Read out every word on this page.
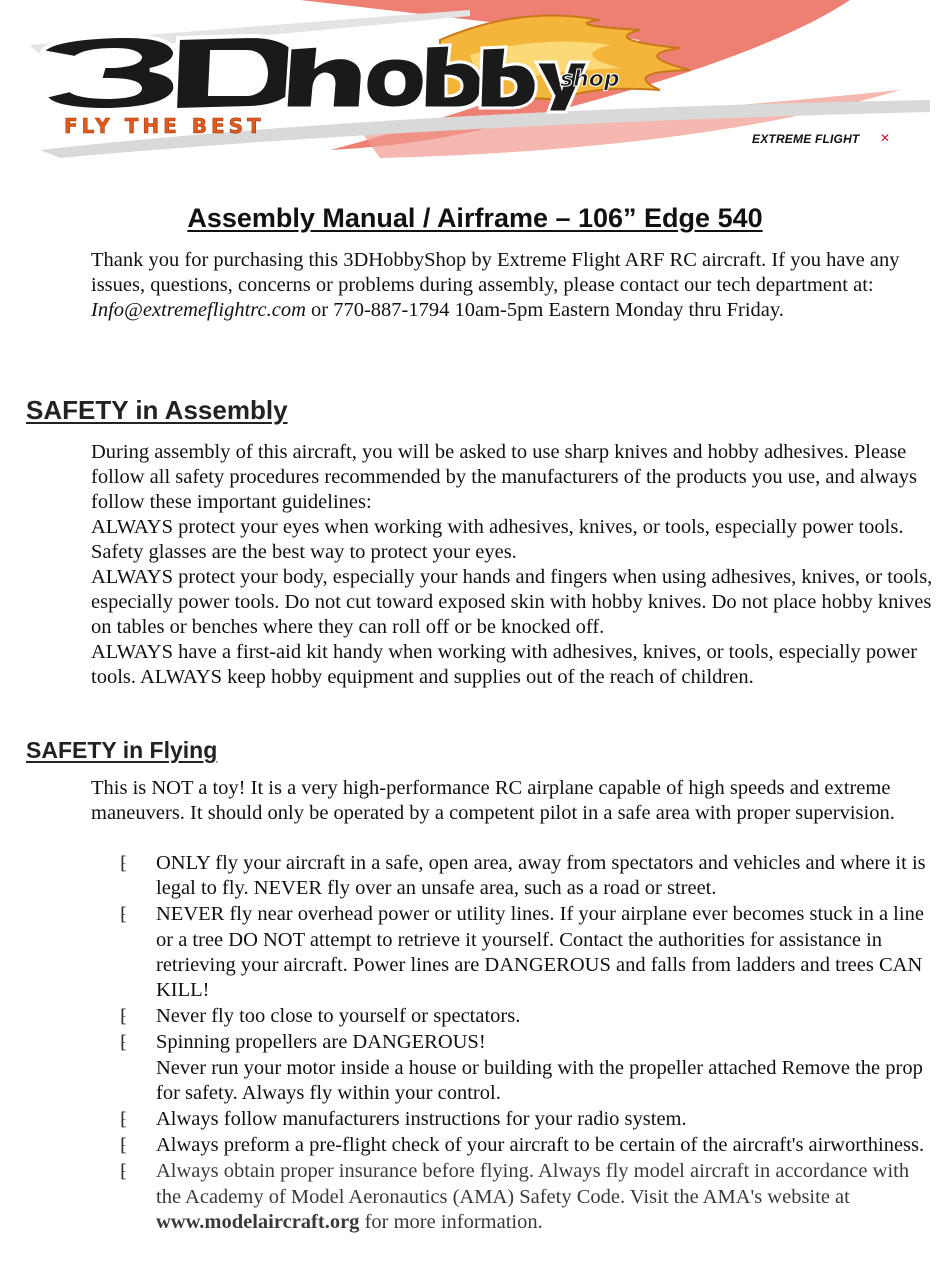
shop
FLY THE BEST
EXTREME FLIGHT ✕
Assembly Manual / Airframe – 106” Edge 540

Thank you for purchasing this 3DHobbyShop by Extreme Flight ARF RC aircraft. If you have any issues, questions, concerns or problems during assembly, please contact our tech department at: Info@extremeflightrc.com or 770-887-1794 10am-5pm Eastern Monday thru Friday.

SAFETY in Assembly

During assembly of this aircraft, you will be asked to use sharp knives and hobby adhesives. Please follow all safety procedures recommended by the manufacturers of the products you use, and always follow these important guidelines:

ALWAYS protect your eyes when working with adhesives, knives, or tools, especially power tools. Safety glasses are the best way to protect your eyes.

ALWAYS protect your body, especially your hands and fingers when using adhesives, knives, or tools, especially power tools. Do not cut toward exposed skin with hobby knives. Do not place hobby knives on tables or benches where they can roll off or be knocked off.

ALWAYS have a first-aid kit handy when working with adhesives, knives, or tools, especially power tools. ALWAYS keep hobby equipment and supplies out of the reach of children.

SAFETY in Flying

This is NOT a toy! It is a very high-performance RC airplane capable of high speeds and extreme maneuvers. It should only be operated by a competent pilot in a safe area with proper supervision.

⁅ ONLY fly your aircraft in a safe, open area, away from spectators and vehicles and where it is legal to fly. NEVER fly over an unsafe area, such as a road or street.
⁅ NEVER fly near overhead power or utility lines. If your airplane ever becomes stuck in a line or a tree DO NOT attempt to retrieve it yourself. Contact the authorities for assistance in retrieving your aircraft. Power lines are DANGEROUS and falls from ladders and trees CAN KILL!
⁅ Never fly too close to yourself or spectators.
⁅ Spinning propellers are DANGEROUS!
Never run your motor inside a house or building with the propeller attached Remove the prop for safety. Always fly within your control.
⁅ Always follow manufacturers instructions for your radio system.
⁅ Always preform a pre-flight check of your aircraft to be certain of the aircraft's airworthiness.
⁅ Always obtain proper insurance before flying. Always fly model aircraft in accordance with the Academy of Model Aeronautics (AMA) Safety Code. Visit the AMA's website at www.modelaircraft.org for more information.
